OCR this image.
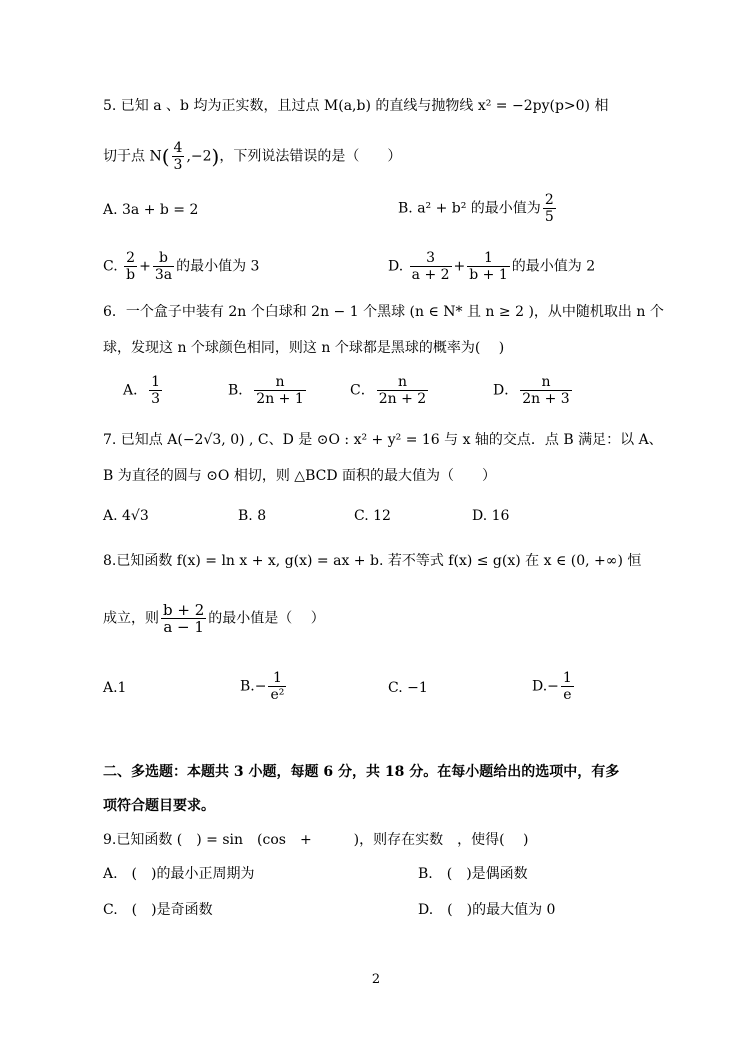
5. 已知 a 、b 均为正实数，且过点 M(a,b) 的直线与抛物线 x² = −2py(p>0) 相
切于点 $N( \frac{4}{3} ,-2)$，下列说法错误的是（　　）
A. 3a + b = 2	B. a² + b² 的最小值为 $\frac{2}{5}$
C. $\frac{2}{b} + \frac{b}{3a}$ 的最小值为 3	D. $\frac{3}{a + 2} + \frac{1}{b + 1}$ 的最小值为 2
6．一个盒子中装有 2n 个白球和 2n − 1 个黑球 (n ∈ N* 且 n ≥ 2 )，从中随机取出 n 个
球，发现这 n 个球颜色相同，则这 n 个球都是黑球的概率为(　 )
A． $\frac{1}{3}$	B． $\frac{n}{2n + 1}$	C． $\frac{n}{2n + 2}$	D． $\frac{n}{2n + 3}$
7. 已知点 A(−2√3, 0) , C、D 是 ⊙O : x² + y² = 16 与 x 轴的交点．点 B 满足：以 A、
B 为直径的圆与 ⊙O 相切，则 △BCD 面积的最大值为（　　）
A. 4√3	B. 8	C. 12	D. 16
8.已知函数 f(x) = ln x + x, g(x) = ax + b. 若不等式 f(x) ≤ g(x) 在 x ∈ (0, +∞) 恒
成立，则 $\frac{b + 2}{a - 1}$ 的最小值是（　 ）
A.1	$B.- \frac{1}{\text{e²}}$	C. −1	$D.- \frac{1}{e}$
二、多选题：本题共 3 小题，每题 6 分，共 18 分。在每小题给出的选项中，有多
项符合题目要求。
9.已知函数 (　) = sin　(cos　+　　　)，则存在实数　，使得(　 )
A.　(　)的最小正周期为	B.　(　)是偶函数
C.　(　)是奇函数	D.　(　)的最大值为 0
2
